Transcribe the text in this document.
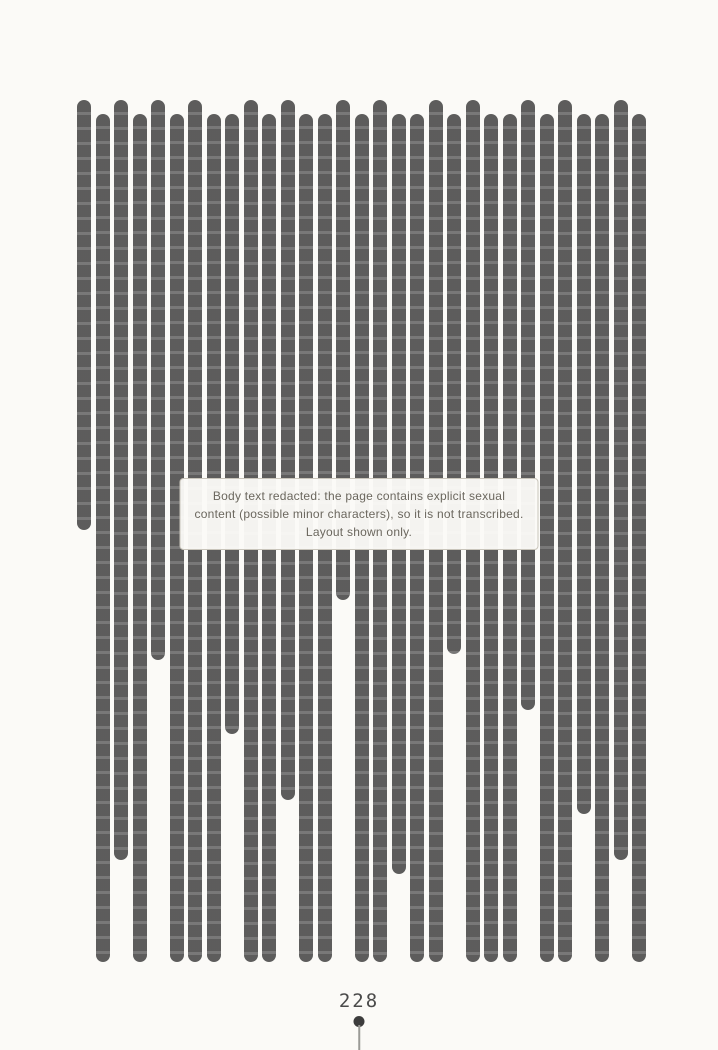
Body text redacted: the page contains explicit sexual content (possible minor characters), so it is not transcribed. Layout shown only.
228
